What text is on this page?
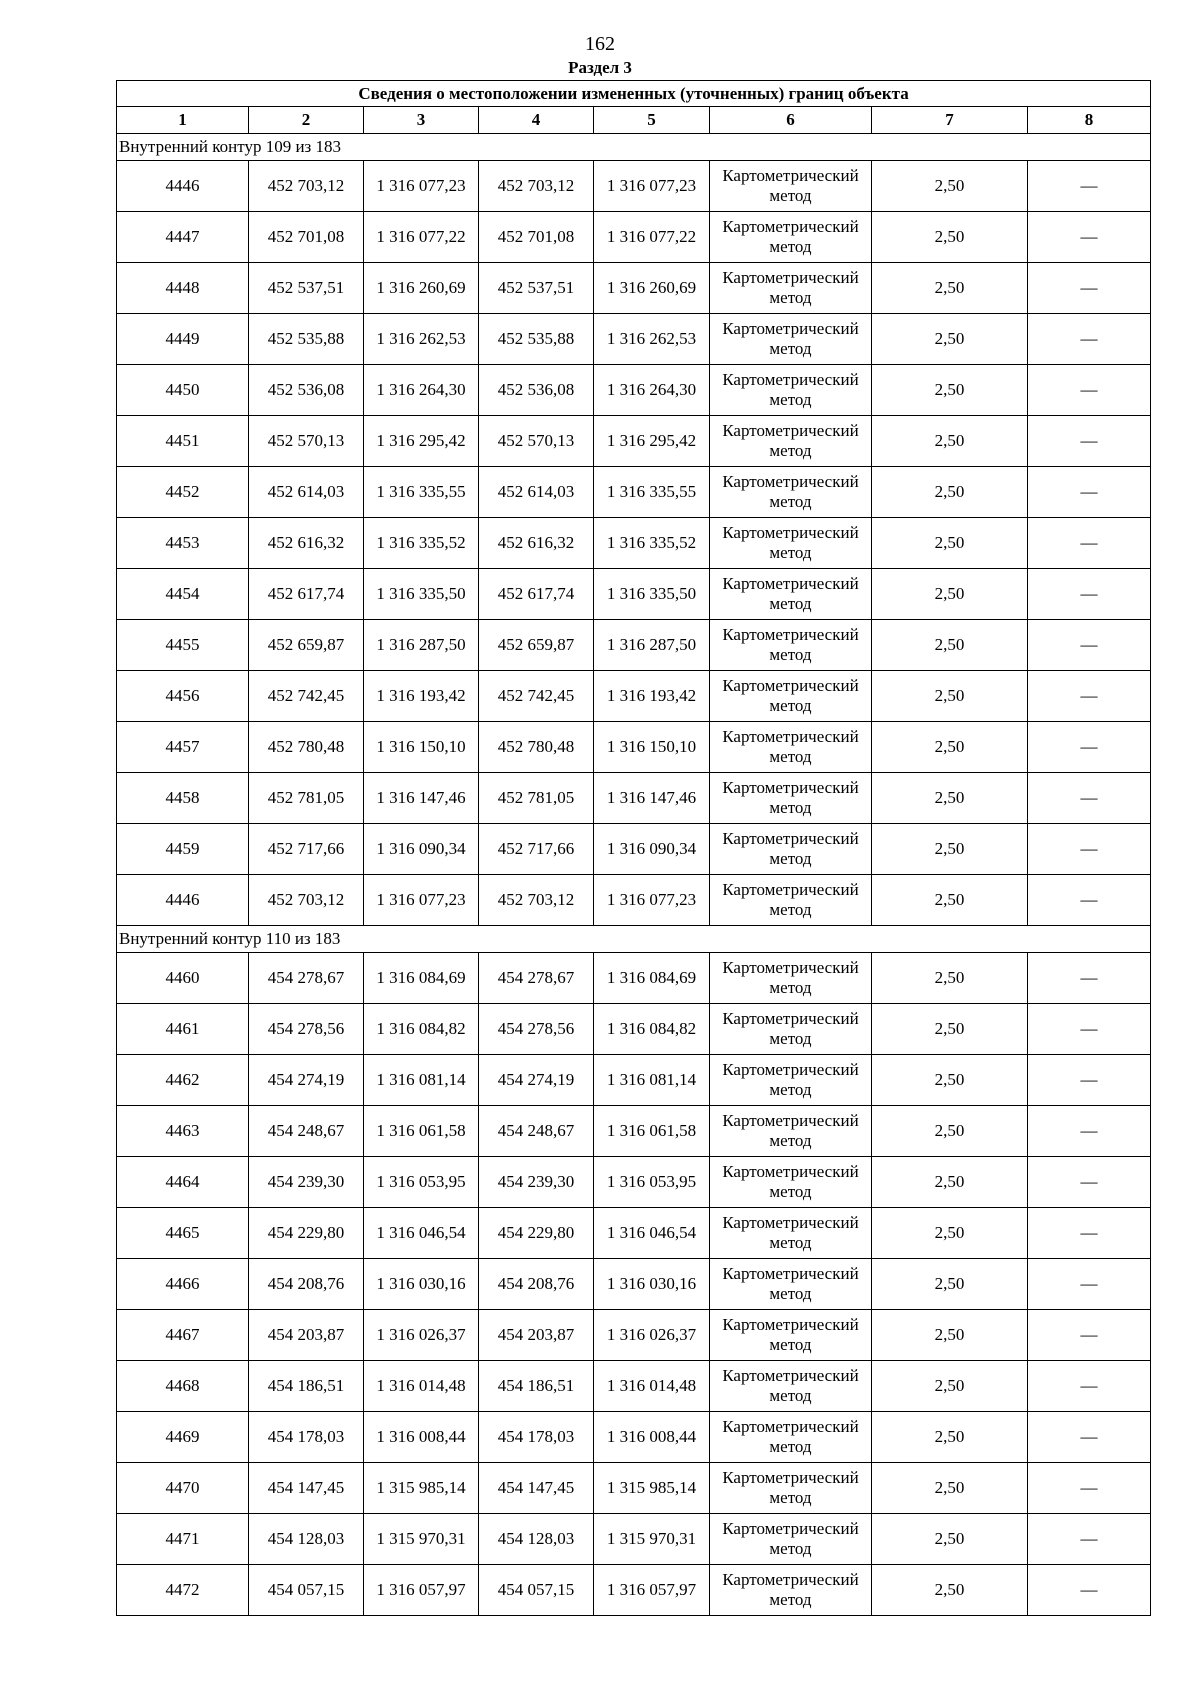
162
Раздел 3
Сведения о местоположении измененных (уточненных) границ объекта							
1	2	3	4	5	6	7	8
Внутренний контур 109 из 183							
4446	452 703,12	1 316 077,23	452 703,12	1 316 077,23	Картометрический метод	2,50	—
4447	452 701,08	1 316 077,22	452 701,08	1 316 077,22	Картометрический метод	2,50	—
4448	452 537,51	1 316 260,69	452 537,51	1 316 260,69	Картометрический метод	2,50	—
4449	452 535,88	1 316 262,53	452 535,88	1 316 262,53	Картометрический метод	2,50	—
4450	452 536,08	1 316 264,30	452 536,08	1 316 264,30	Картометрический метод	2,50	—
4451	452 570,13	1 316 295,42	452 570,13	1 316 295,42	Картометрический метод	2,50	—
4452	452 614,03	1 316 335,55	452 614,03	1 316 335,55	Картометрический метод	2,50	—
4453	452 616,32	1 316 335,52	452 616,32	1 316 335,52	Картометрический метод	2,50	—
4454	452 617,74	1 316 335,50	452 617,74	1 316 335,50	Картометрический метод	2,50	—
4455	452 659,87	1 316 287,50	452 659,87	1 316 287,50	Картометрический метод	2,50	—
4456	452 742,45	1 316 193,42	452 742,45	1 316 193,42	Картометрический метод	2,50	—
4457	452 780,48	1 316 150,10	452 780,48	1 316 150,10	Картометрический метод	2,50	—
4458	452 781,05	1 316 147,46	452 781,05	1 316 147,46	Картометрический метод	2,50	—
4459	452 717,66	1 316 090,34	452 717,66	1 316 090,34	Картометрический метод	2,50	—
4446	452 703,12	1 316 077,23	452 703,12	1 316 077,23	Картометрический метод	2,50	—
Внутренний контур 110 из 183							
4460	454 278,67	1 316 084,69	454 278,67	1 316 084,69	Картометрический метод	2,50	—
4461	454 278,56	1 316 084,82	454 278,56	1 316 084,82	Картометрический метод	2,50	—
4462	454 274,19	1 316 081,14	454 274,19	1 316 081,14	Картометрический метод	2,50	—
4463	454 248,67	1 316 061,58	454 248,67	1 316 061,58	Картометрический метод	2,50	—
4464	454 239,30	1 316 053,95	454 239,30	1 316 053,95	Картометрический метод	2,50	—
4465	454 229,80	1 316 046,54	454 229,80	1 316 046,54	Картометрический метод	2,50	—
4466	454 208,76	1 316 030,16	454 208,76	1 316 030,16	Картометрический метод	2,50	—
4467	454 203,87	1 316 026,37	454 203,87	1 316 026,37	Картометрический метод	2,50	—
4468	454 186,51	1 316 014,48	454 186,51	1 316 014,48	Картометрический метод	2,50	—
4469	454 178,03	1 316 008,44	454 178,03	1 316 008,44	Картометрический метод	2,50	—
4470	454 147,45	1 315 985,14	454 147,45	1 315 985,14	Картометрический метод	2,50	—
4471	454 128,03	1 315 970,31	454 128,03	1 315 970,31	Картометрический метод	2,50	—
4472	454 057,15	1 316 057,97	454 057,15	1 316 057,97	Картометрический метод	2,50	—
